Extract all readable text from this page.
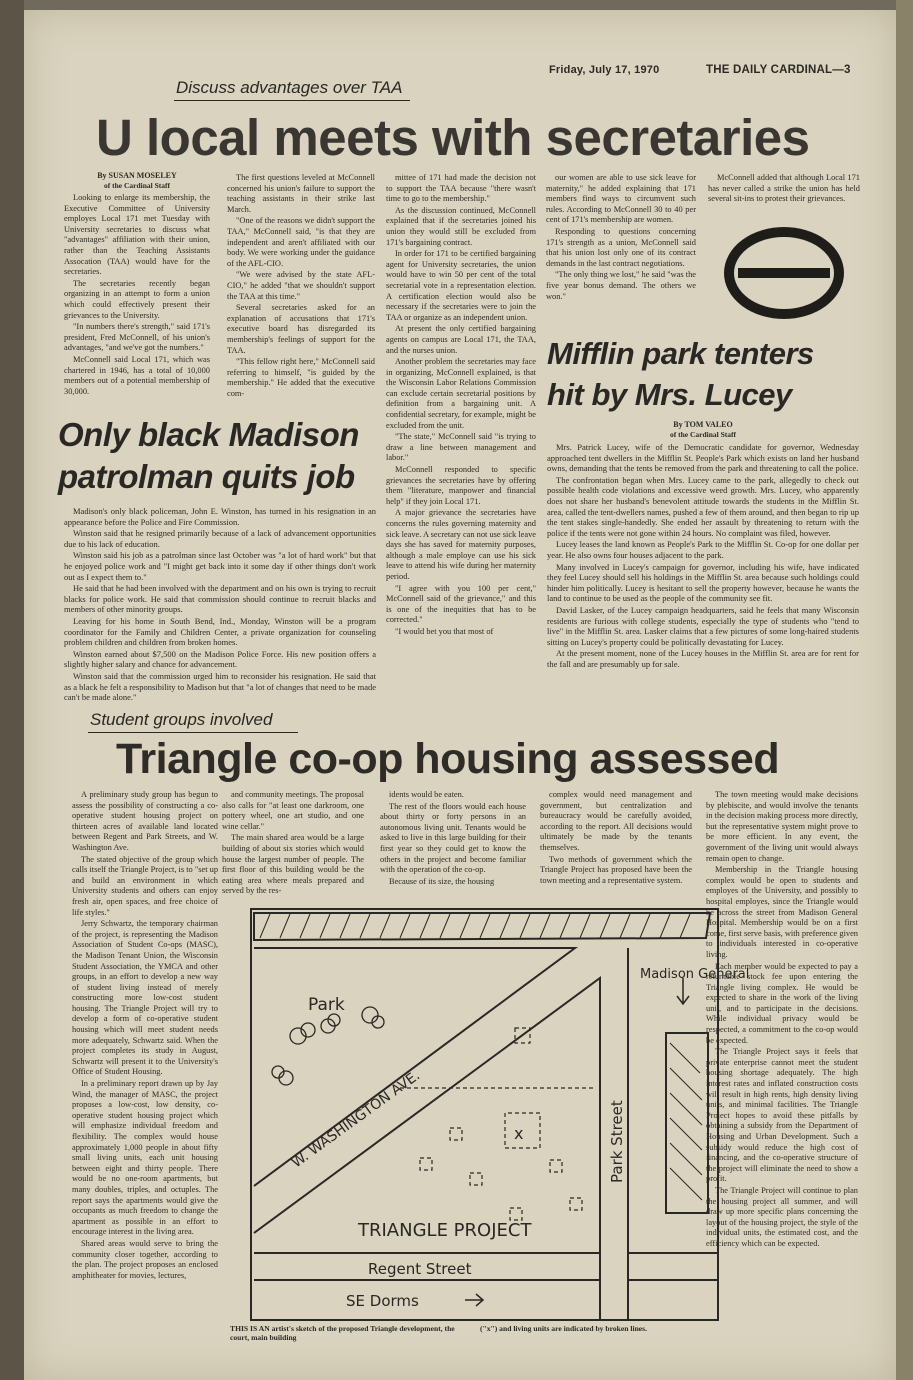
Friday, July 17, 1970	THE DAILY CARDINAL—3
Discuss advantages over TAA
U local meets with secretaries
By SUSAN MOSELEY
of the Cardinal Staff

Looking to enlarge its membership, the Executive Committee of University employes Local 171 met Tuesday with University secretaries to discuss what "advantages" affiliation with their union, rather than the Teaching Assistants Assocation (TAA) would have for the secretaries.

The secretaries recently began organizing in an attempt to form a union which could effectively present their grievances to the University.

"In numbers there's strength," said 171's president, Fred McConnell, of his union's advantages, "and we've got the numbers."

McConnell said Local 171, which was chartered in 1946, has a total of 10,000 members out of a potential membership of 30,000.

The first questions leveled at McConnell concerned his union's failure to support the teaching assistants in their strike last March.

"One of the reasons we didn't support the TAA," McConnell said, "is that they are independent and aren't affiliated with our body. We were working under the guidance of the AFL-CIO.

"We were advised by the state AFL-CIO," he added "that we shouldn't support the TAA at this time."

Several secretaries asked for an explanation of accusations that 171's executive board has disregarded its membership's feelings of support for the TAA.

"This fellow right here," McConnell said referring to himself, "is guided by the membership." He added that the executive com-

mittee of 171 had made the decision not to support the TAA because "there wasn't time to go to the membership."

As the discussion continued, McConnell explained that if the secretaries joined his union they would still be excluded from 171's bargaining contract.

In order for 171 to be certified bargaining agent for University secretaries, the union would have to win 50 per cent of the total secretarial vote in a representation election. A certification election would also be necessary if the secretaries were to join the TAA or organize as an independent union.

At present the only certified bargaining agents on campus are Local 171, the TAA, and the nurses union.

Another problem the secretaries may face in organizing, McConnell explained, is that the Wisconsin Labor Relations Commission can exclude certain secretarial positions by definition from a bargaining unit. A confidential secretary, for example, might be excluded from the unit.

"The state," McConnell said "is trying to draw a line between management and labor."

McConnell responded to specific grievances the secretaries have by offering them "literature, manpower and financial help" if they join Local 171.

A major grievance the secretaries have concerns the rules governing maternity and sick leave. A secretary can not use sick leave days she has saved for maternity purposes, although a male employe can use his sick leave to attend his wife during her maternity period.

"I agree with you 100 per cent," McConnell said of the grievance," and this is one of the inequities that has to be corrected."

"I would bet you that most of

our women are able to use sick leave for maternity," he added explaining that 171 members find ways to circumvent such rules. According to McConnell 30 to 40 per cent of 171's membership are women.

Responding to questions concerning 171's strength as a union, McConnell said that his union lost only one of its contract demands in the last contract negotiations.

"The only thing we lost," he said "was the five year bonus demand. The others we won."

McConnell added that although Local 171 has never called a strike the union has held several sit-ins to protest their grievances.

Only black Madison
patrolman quits job

Madison's only black policeman, John E. Winston, has turned in his resignation in an appearance before the Police and Fire Commission.

Winston said that he resigned primarily because of a lack of advancement opportunities due to his lack of education.

Winston said his job as a patrolman since last October was "a lot of hard work" but that he enjoyed police work and "I might get back into it some day if other things don't work out as I expect them to."

He said that he had been involved with the department and on his own is trying to recruit blacks for police work. He said that commission should continue to recruit blacks and members of other minority groups.

Leaving for his home in South Bend, Ind., Monday, Winston will be a program coordinator for the Family and Children Center, a private organization for counseling problem children and children from broken homes.

Winston earned about $7,500 on the Madison Police Force. His new position offers a slightly higher salary and chance for advancement.

Winston said that the commission urged him to reconsider his resignation. He said that as a black he felt a responsibility to Madison but that "a lot of changes that need to be made can't be made alone."

Mifflin park tenters
hit by Mrs. Lucey
By TOM VALEO
of the Cardinal Staff

Mrs. Patrick Lucey, wife of the Democratic candidate for governor, Wednesday approached tent dwellers in the Mifflin St. People's Park which exists on land her husband owns, demanding that the tents be removed from the park and threatening to call the police.

The confrontation began when Mrs. Lucey came to the park, allegedly to check out possible health code violations and excessive weed growth. Mrs. Lucey, who apparently does not share her husband's benevolent attitude towards the students in the Mifflin St. area, called the tent-dwellers names, pushed a few of them around, and then began to rip up the tent stakes single-handedly. She ended her assault by threatening to return with the police if the tents were not gone within 24 hours. No complaint was filed, however.

Lucey leases the land known as People's Park to the Mifflin St. Co-op for one dollar per year. He also owns four houses adjacent to the park.

Many involved in Lucey's campaign for governor, including his wife, have indicated they feel Lucey should sell his holdings in the Mifflin St. area because such holdings could hinder him politically. Lucey is hesitant to sell the property however, because he wants the land to continue to be used as the people of the community see fit.

David Lasker, of the Lucey campaign headquarters, said he feels that many Wisconsin residents are furious with college students, especially the type of students who "tend to live" in the Mifflin St. area. Lasker claims that a few pictures of some long-haired students sitting on Lucey's property could be politically devastating for Lucey.

At the present moment, none of the Lucey houses in the Mifflin St. area are for rent for the fall and are presumably up for sale.

Student groups involved
Triangle co-op housing assessed

A preliminary study group has begun to assess the possibility of constructing a co-operative student housing project on thirteen acres of available land located between Regent and Park Streets, and W. Washington Ave.

The stated objective of the group which calls itself the Triangle Project, is to "set up and build an environment in which University students and others can enjoy fresh air, open spaces, and free choice of life styles."

Jerry Schwartz, the temporary chairman of the project, is representing the Madison Association of Student Co-ops (MASC), the Madison Tenant Union, the Wisconsin Student Association, the YMCA and other groups, in an effort to develop a new way of student living instead of merely constructing more low-cost student housing. The Triangle Project will try to develop a form of co-operative student housing which will meet student needs more adequately, Schwartz said. When the project completes its study in August, Schwartz will present it to the University's Office of Student Housing.

In a preliminary report drawn up by Jay Wind, the manager of MASC, the project proposes a low-cost, low density, co-operative student housing project which will emphasize individual freedom and flexibility. The complex would house approximately 1,000 people in about fifty small living units, each unit housing between eight and thirty people. There would be no one-room apartments, but many doubles, triples, and octuples. The report says the apartments would give the occupants as much freedom to change the apartment as possible in an effort to encourage interest in the living area.

Shared areas would serve to bring the community closer together, according to the plan. The project proposes an enclosed amphitheater for movies, lectures,

and community meetings. The proposal also calls for "at least one darkroom, one pottery wheel, one art studio, and one wine cellar."

The main shared area would be a large building of about six stories which would house the largest number of people. The first floor of this building would be the eating area where meals prepared and served by the res-

idents would be eaten.

The rest of the floors would each house about thirty or forty persons in an autonomous living unit. Tenants would be asked to live in this large building for their first year so they could get to know the others in the project and become familiar with the operation of the co-op.

Because of its size, the housing

complex would need management and government, but centralization and bureaucracy would be carefully avoided, according to the report. All decisions would ultimately be made by the tenants themselves.

Two methods of government which the Triangle Project has proposed have been the town meeting and a representative system.

The town meeting would make decisions by plebiscite, and would involve the tenants in the decision making process more directly, but the representative system might prove to be more efficient. In any event, the government of the living unit would always remain open to change.

Membership in the Triangle housing complex would be open to students and employes of the University, and possibly to hospital employes, since the Triangle would be across the street from Madison General Hospital. Membership would be on a first come, first serve basis, with preference given to individuals interested in co-operative living.

Each member would be expected to pay a returnable stock fee upon entering the Triangle living complex. He would be expected to share in the work of the living unit, and to participate in the decisions. While individual privacy would be respected, a commitment to the co-op would be expected.

The Triangle Project says it feels that private enterprise cannot meet the student housing shortage adequately. The high interest rates and inflated construction costs will result in high rents, high density living units, and minimal facilities. The Triangle Project hopes to avoid these pitfalls by obtaining a subsidy from the Department of Housing and Urban Development. Such a subsidy would reduce the high cost of financing, and the co-operative structure of the project will eliminate the need to show a profit.

The Triangle Project will continue to plan the housing project all summer, and will draw up more specific plans concerning the layout of the housing project, the style of the individual units, the estimated cost, and the efficiency which can be expected.

Park
W. WASHINGTON AVE.
Madison General
Park Street
TRIANGLE PROJECT
Regent Street
SE Dorms
x
THIS IS AN artist's sketch of the proposed Triangle development, the court, main building
("x") and living units are indicated by broken lines.
